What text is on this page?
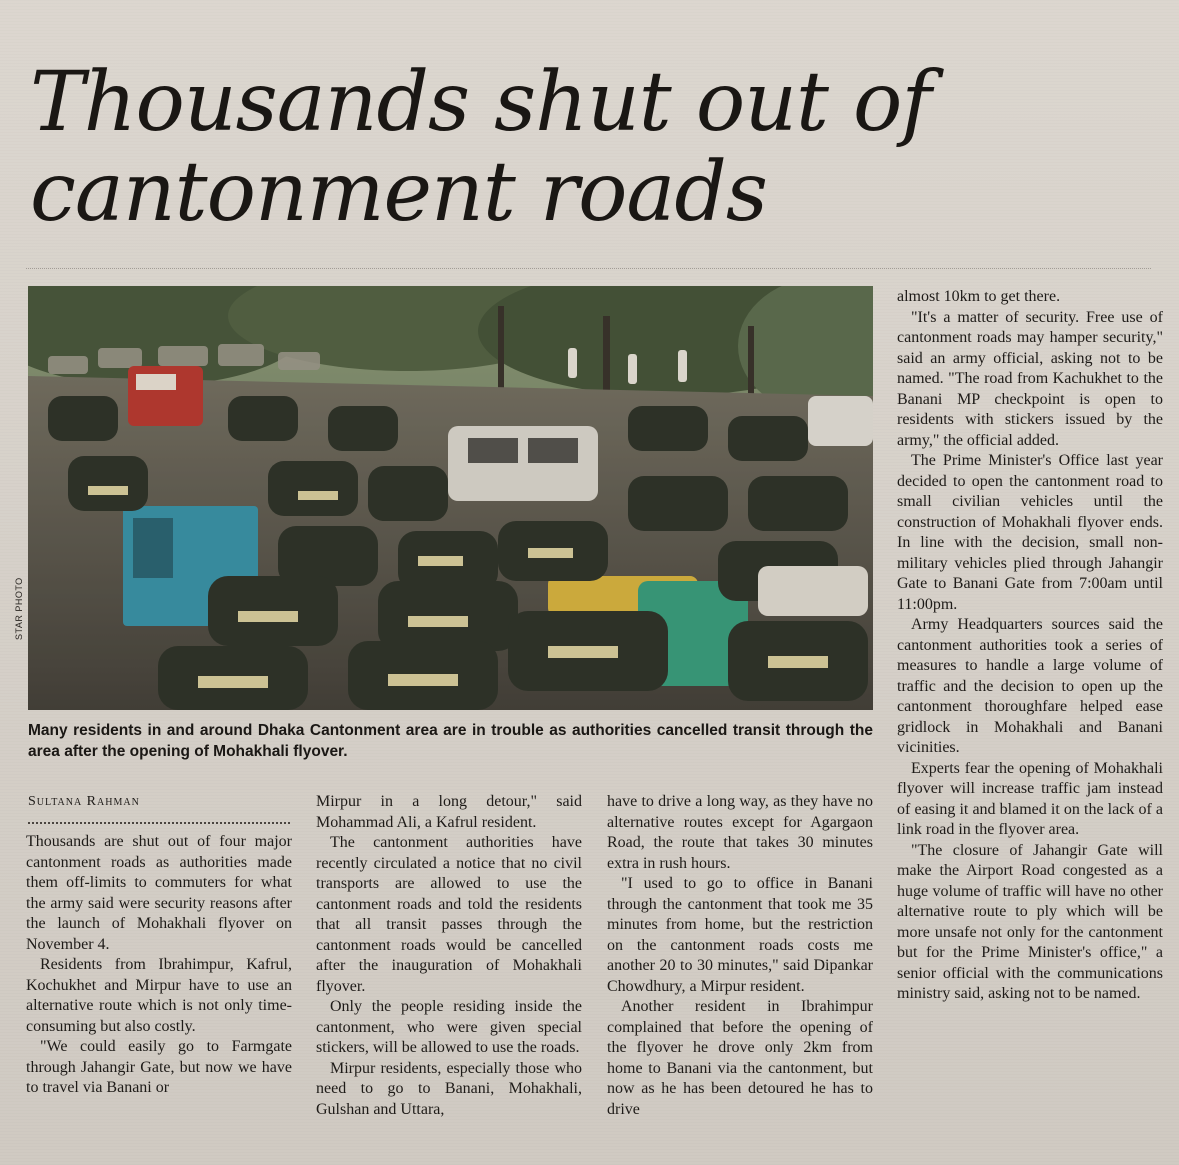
Thousands shut out of
cantonment roads
STAR PHOTO

Many residents in and around Dhaka Cantonment area are in trouble as authorities cancelled transit through the area after the opening of Mohakhali flyover.

Sultana Rahman

Thousands are shut out of four major cantonment roads as authorities made them off-limits to commuters for what the army said were security reasons after the launch of Mohakhali flyover on November 4.

Residents from Ibrahimpur, Kafrul, Kochukhet and Mirpur have to use an alternative route which is not only time-consuming but also costly.

"We could easily go to Farmgate through Jahangir Gate, but now we have to travel via Banani or

Mirpur in a long detour," said Mohammad Ali, a Kafrul resident.

The cantonment authorities have recently circulated a notice that no civil transports are allowed to use the cantonment roads and told the residents that all transit passes through the cantonment roads would be cancelled after the inauguration of Mohakhali flyover.

Only the people residing inside the cantonment, who were given special stickers, will be allowed to use the roads.

Mirpur residents, especially those who need to go to Banani, Mohakhali, Gulshan and Uttara,

have to drive a long way, as they have no alternative routes except for Agargaon Road, the route that takes 30 minutes extra in rush hours.

"I used to go to office in Banani through the cantonment that took me 35 minutes from home, but the restriction on the cantonment roads costs me another 20 to 30 minutes," said Dipankar Chowdhury, a Mirpur resident.

Another resident in Ibrahimpur complained that before the opening of the flyover he drove only 2km from home to Banani via the cantonment, but now as he has been detoured he has to drive

almost 10km to get there.

"It's a matter of security. Free use of cantonment roads may hamper security," said an army official, asking not to be named. "The road from Kachukhet to the Banani MP checkpoint is open to residents with stickers issued by the army," the official added.

The Prime Minister's Office last year decided to open the cantonment road to small civilian vehicles until the construction of Mohakhali flyover ends. In line with the decision, small non-military vehicles plied through Jahangir Gate to Banani Gate from 7:00am until 11:00pm.

Army Headquarters sources said the cantonment authorities took a series of measures to handle a large volume of traffic and the decision to open up the cantonment thoroughfare helped ease gridlock in Mohakhali and Banani vicinities.

Experts fear the opening of Mohakhali flyover will increase traffic jam instead of easing it and blamed it on the lack of a link road in the flyover area.

"The closure of Jahangir Gate will make the Airport Road congested as a huge volume of traffic will have no other alternative route to ply which will be more unsafe not only for the cantonment but for the Prime Minister's office," a senior official with the communications ministry said, asking not to be named.
